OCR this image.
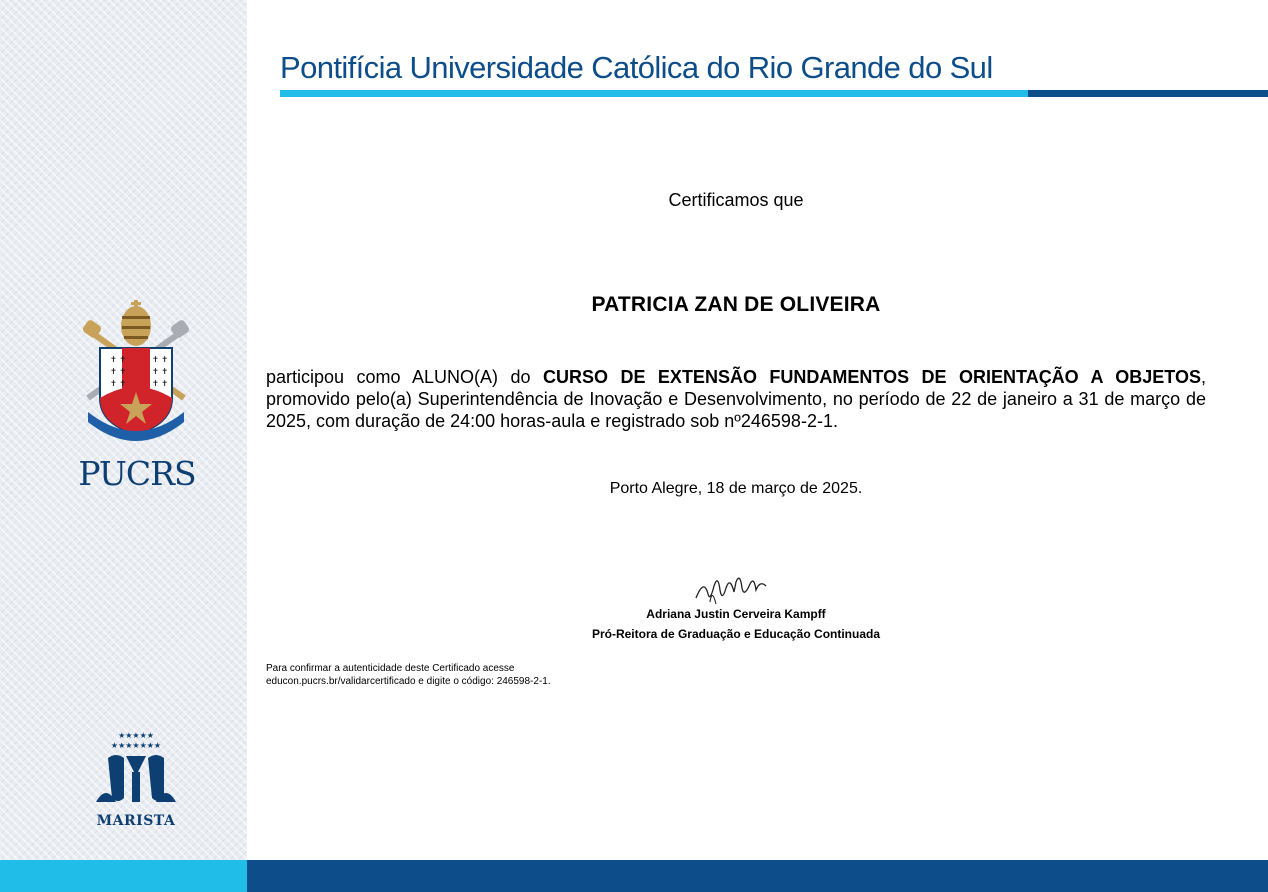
✝ ✝
✝ ✝
✝ ✝
✝ ✝
✝ ✝
✝ ✝
PUCRS
★★★★★
★★★★★★★
MARISTA
Pontifícia Universidade Católica do Rio Grande do Sul
Certificamos que
PATRICIA ZAN DE OLIVEIRA
participou como ALUNO(A) do CURSO DE EXTENSÃO FUNDAMENTOS DE ORIENTAÇÃO A OBJETOS, promovido pelo(a) Superintendência de Inovação e Desenvolvimento, no período de 22 de janeiro a 31 de março de 2025, com duração de 24:00 horas-aula e registrado sob nº246598-2-1.
Porto Alegre, 18 de março de 2025.
Adriana Justin Cerveira Kampff
Pró-Reitora de Graduação e Educação Continuada
Para confirmar a autenticidade deste Certificado acesse educon.pucrs.br/validarcertificado e digite o código: 246598-2-1.
